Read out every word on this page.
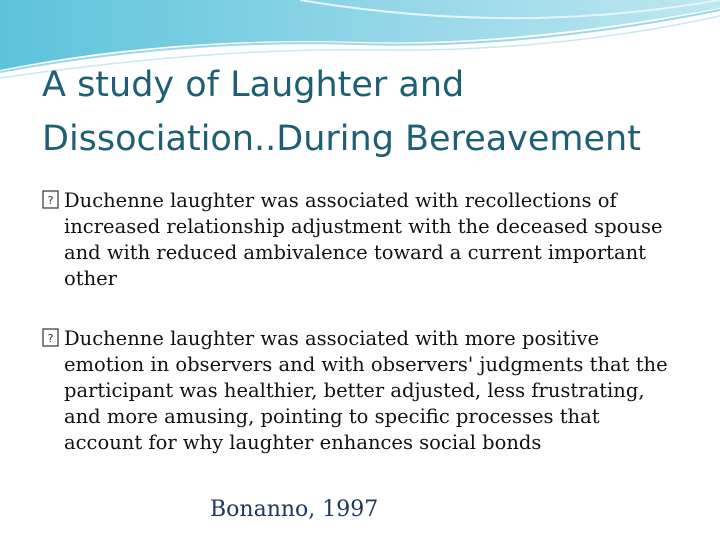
A study of Laughter and Dissociation..During Bereavement
? Duchenne laughter was associated with recollections of increased relationship adjustment with the deceased spouse and with reduced ambivalence toward a current important other
? Duchenne laughter was associated with more positive emotion in observers and with observers' judgments that the participant was healthier, better adjusted, less frustrating, and more amusing, pointing to specific processes that account for why laughter enhances social bonds
Bonanno, 1997
